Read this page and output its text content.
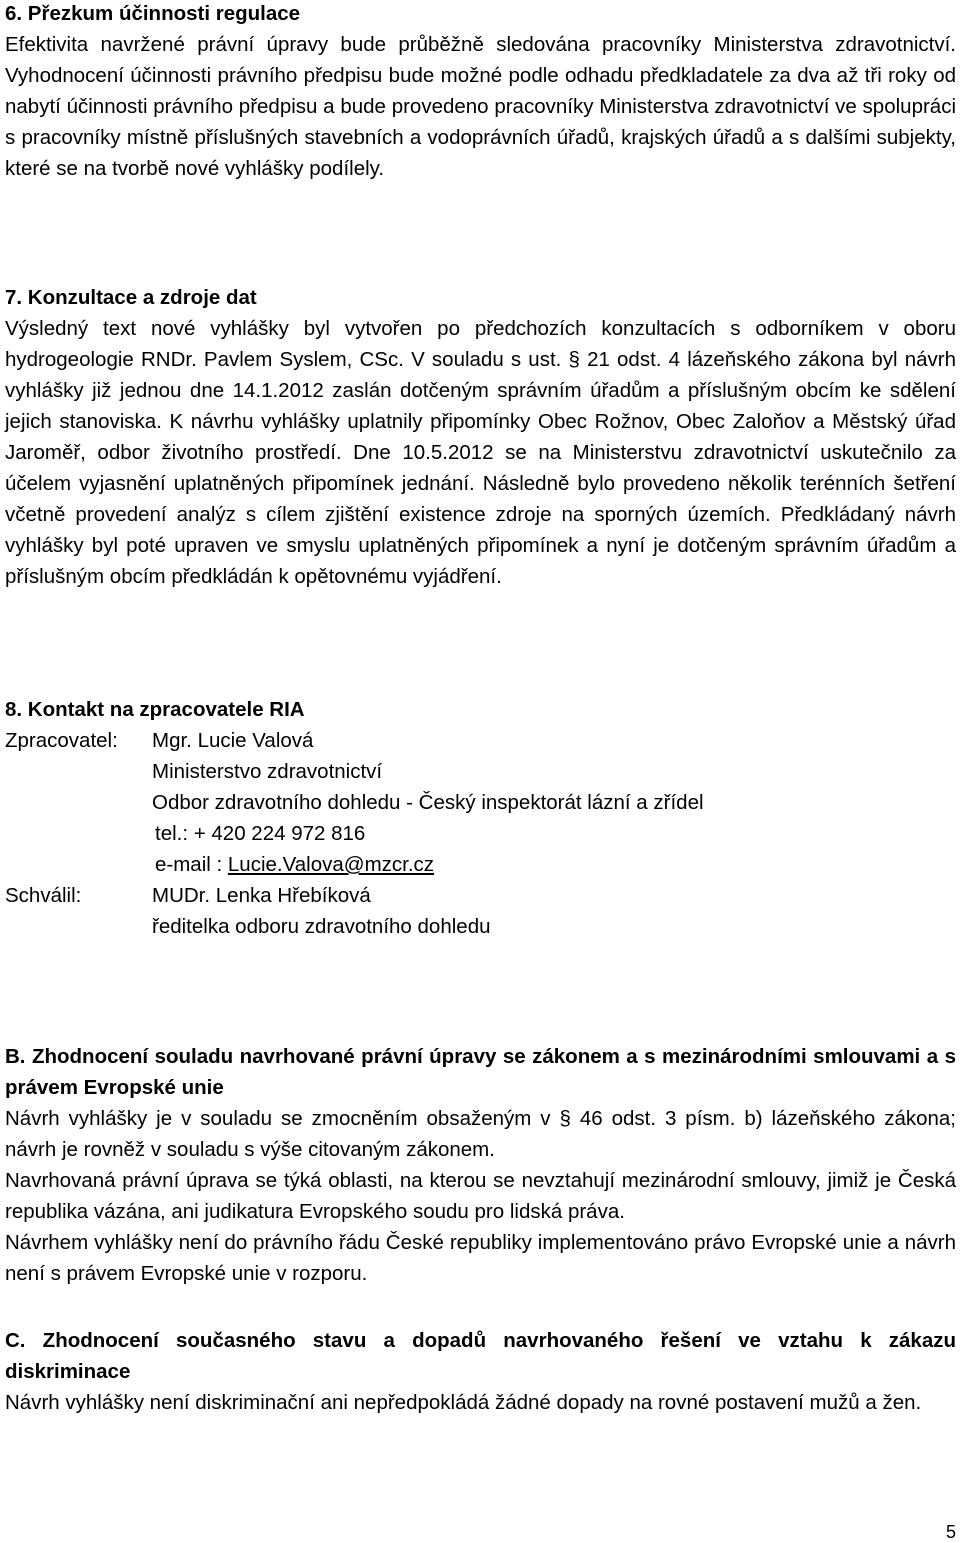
6. Přezkum účinnosti regulace

Efektivita navržené právní úpravy bude průběžně sledována pracovníky Ministerstva zdravotnictví. Vyhodnocení účinnosti právního předpisu bude možné podle odhadu předkladatele za dva až tři roky od nabytí účinnosti právního předpisu a bude provedeno pracovníky Ministerstva zdravotnictví ve spolupráci s pracovníky místně příslušných stavebních a vodoprávních úřadů, krajských úřadů a s dalšími subjekty, které se na tvorbě nové vyhlášky podílely.

7. Konzultace a zdroje dat

Výsledný text nové vyhlášky byl vytvořen po předchozích konzultacích s odborníkem v oboru hydrogeologie RNDr. Pavlem Syslem, CSc. V souladu s ust. § 21 odst. 4 lázeňského zákona byl návrh vyhlášky již jednou dne 14.1.2012 zaslán dotčeným správním úřadům a příslušným obcím ke sdělení jejich stanoviska. K návrhu vyhlášky uplatnily připomínky Obec Rožnov, Obec Zaloňov a Městský úřad Jaroměř, odbor životního prostředí. Dne 10.5.2012 se na Ministerstvu zdravotnictví uskutečnilo za účelem vyjasnění uplatněných připomínek jednání. Následně bylo provedeno několik terénních šetření včetně provedení analýz s cílem zjištění existence zdroje na sporných územích. Předkládaný návrh vyhlášky byl poté upraven ve smyslu uplatněných připomínek a nyní je dotčeným správním úřadům a příslušným obcím předkládán k opětovnému vyjádření.

8. Kontakt na zpracovatele RIA

Zpracovatel: Mgr. Lucie Valová
Ministerstvo zdravotnictví
Odbor zdravotního dohledu - Český inspektorát lázní a zřídel
tel.: + 420 224 972 816
e-mail : Lucie.Valova@mzcr.cz
Schválil:	MUDr. Lenka Hřebíková
ředitelka odboru zdravotního dohledu

B. Zhodnocení souladu navrhované právní úpravy se zákonem a s mezinárodními smlouvami a s právem Evropské unie

Návrh vyhlášky je v souladu se zmocněním obsaženým v § 46 odst. 3 písm. b) lázeňského zákona; návrh je rovněž v souladu s výše citovaným zákonem.

Navrhovaná právní úprava se týká oblasti, na kterou se nevztahují mezinárodní smlouvy, jimiž je Česká republika vázána, ani judikatura Evropského soudu pro lidská práva.

Návrhem vyhlášky není do právního řádu České republiky implementováno právo Evropské unie a návrh není s právem Evropské unie v rozporu.

C. Zhodnocení současného stavu a dopadů navrhovaného řešení ve vztahu k zákazu diskriminace

Návrh vyhlášky není diskriminační ani nepředpokládá žádné dopady na rovné postavení mužů a žen.

5
